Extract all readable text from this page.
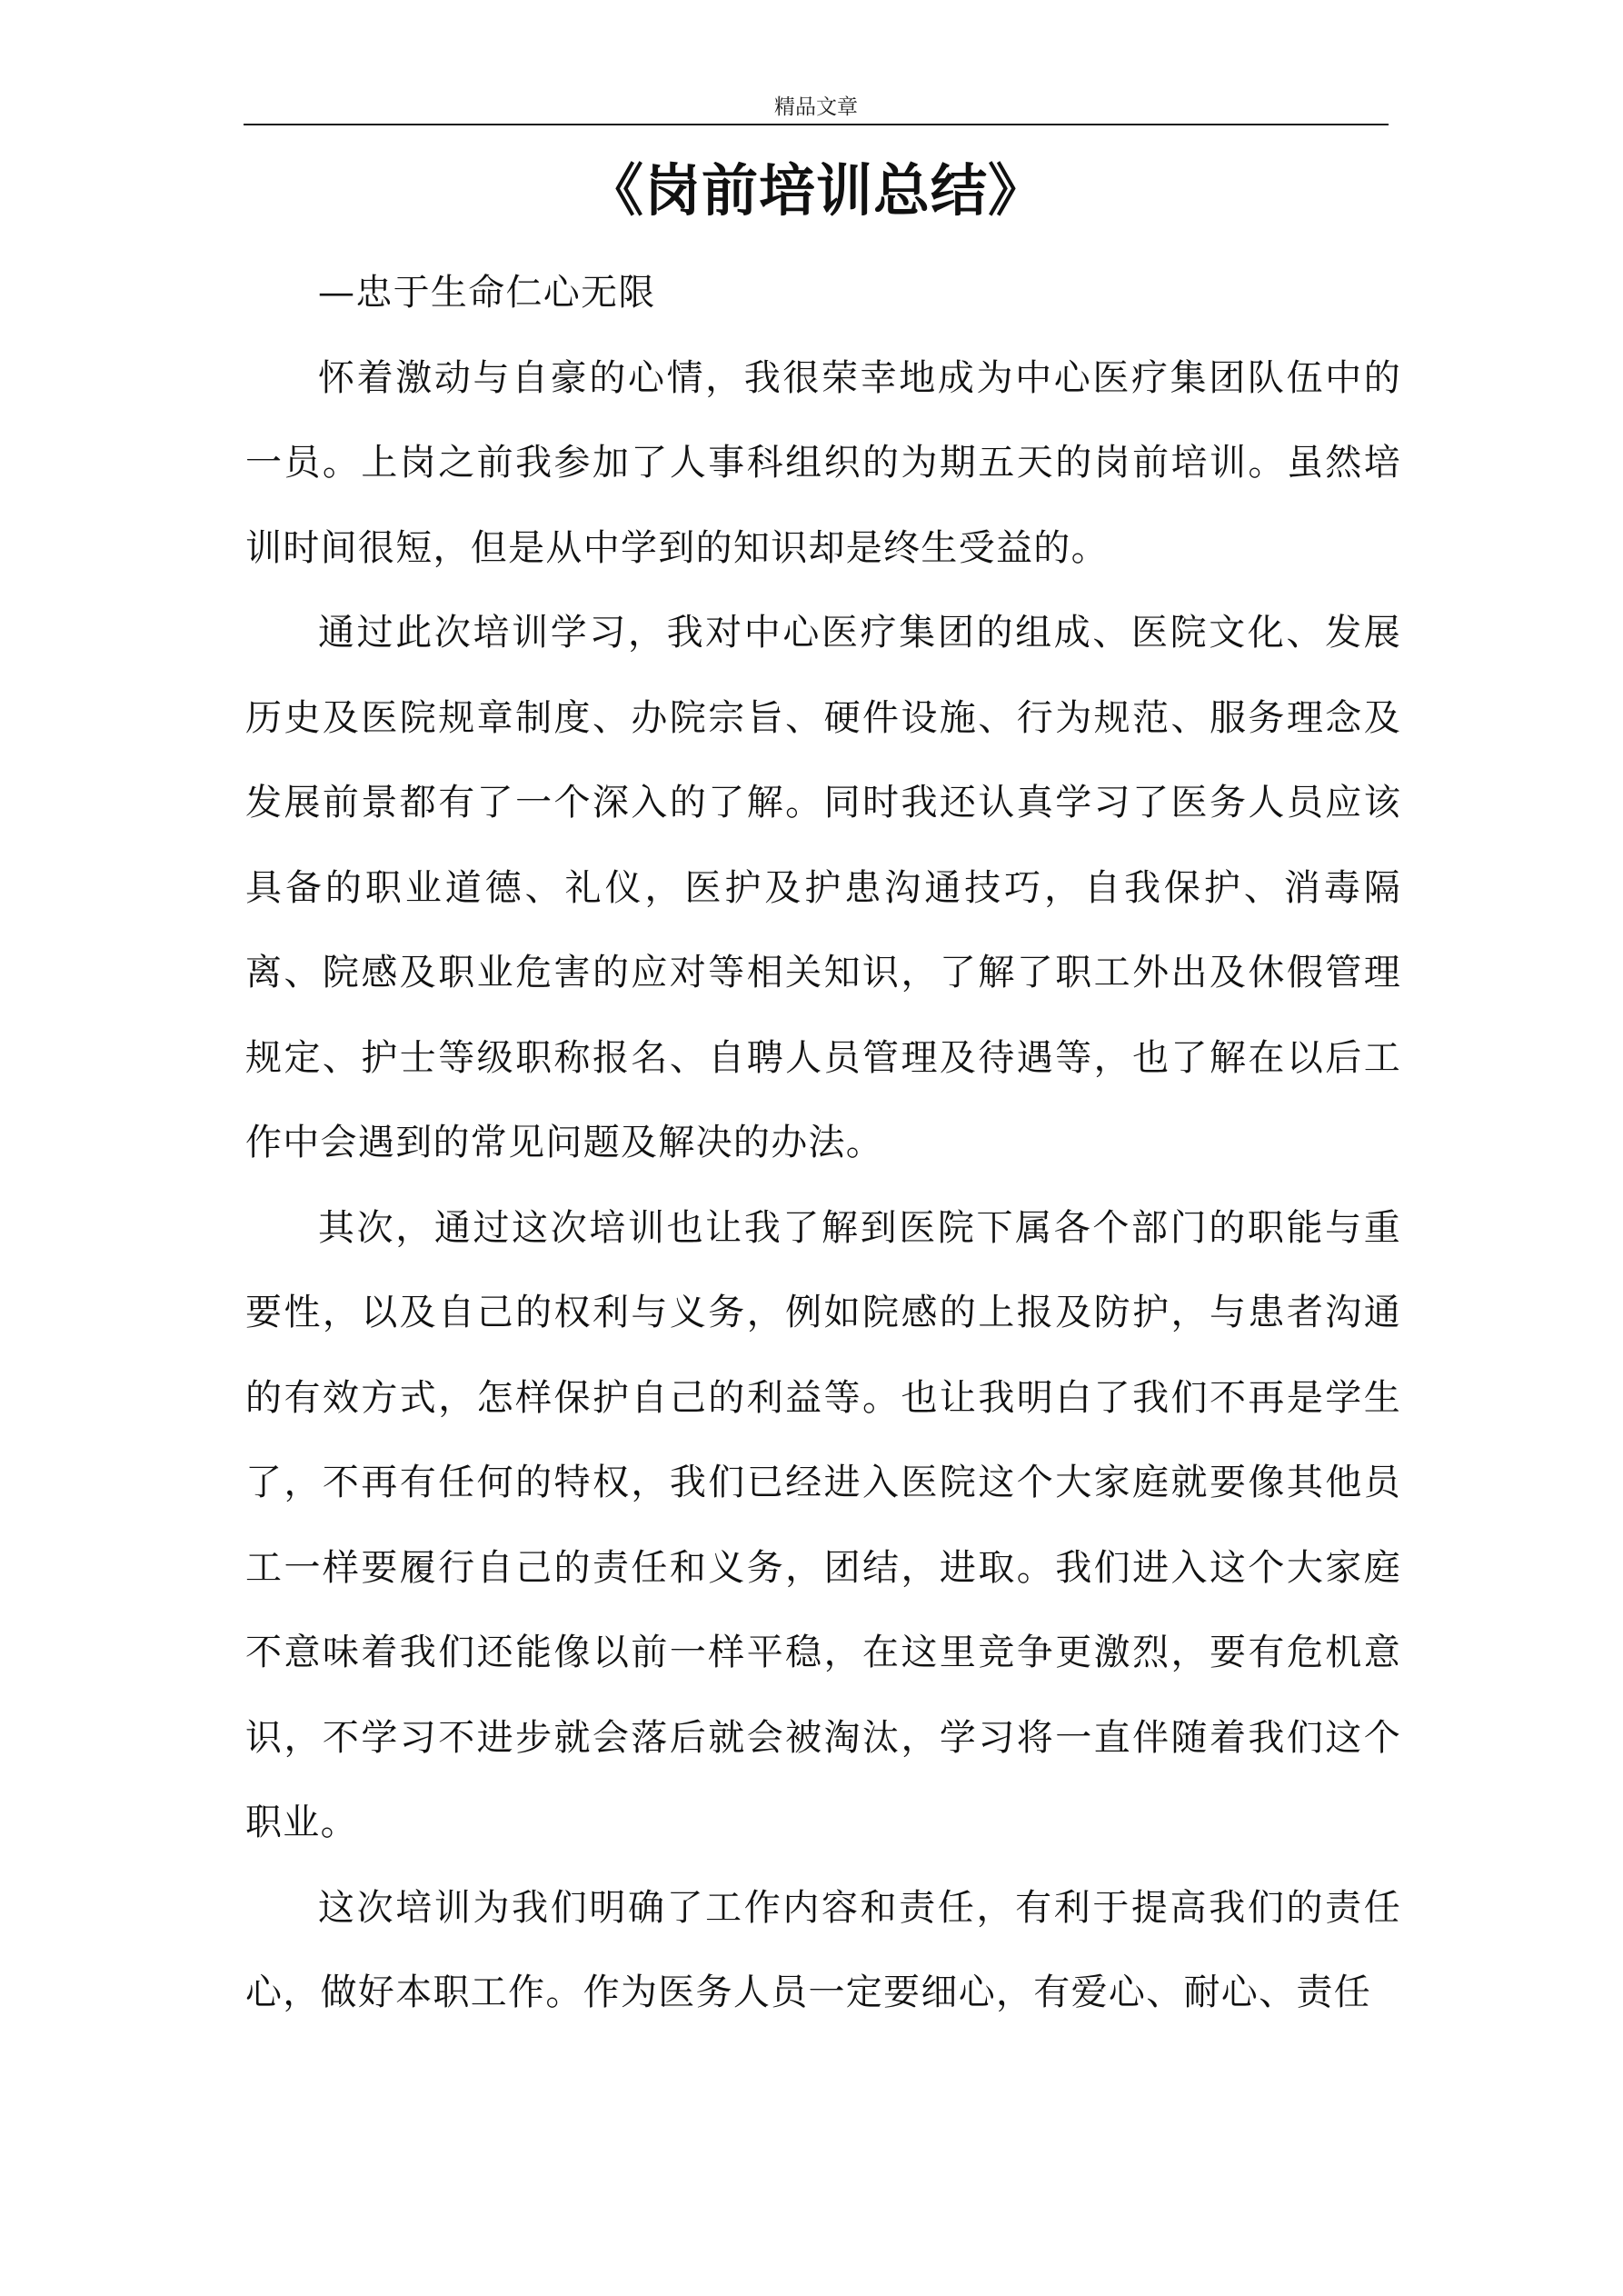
精品文章
《岗前培训总结》

—忠于生命仁心无限

怀着激动与自豪的心情，我很荣幸地成为中心医疗集团队伍中的一员。上岗之前我参加了人事科组织的为期五天的岗前培训。虽然培训时间很短，但是从中学到的知识却是终生受益的。

通过此次培训学习，我对中心医疗集团的组成、医院文化、发展历史及医院规章制度、办院宗旨、硬件设施、行为规范、服务理念及发展前景都有了一个深入的了解。同时我还认真学习了医务人员应该具备的职业道德、礼仪，医护及护患沟通技巧，自我保护、消毒隔离、院感及职业危害的应对等相关知识，了解了职工外出及休假管理规定、护士等级职称报名、自聘人员管理及待遇等，也了解在以后工作中会遇到的常见问题及解决的办法。

其次，通过这次培训也让我了解到医院下属各个部门的职能与重要性，以及自己的权利与义务，例如院感的上报及防护，与患者沟通的有效方式，怎样保护自己的利益等。也让我明白了我们不再是学生了，不再有任何的特权，我们已经进入医院这个大家庭就要像其他员工一样要履行自己的责任和义务，团结，进取。我们进入这个大家庭不意味着我们还能像以前一样平稳，在这里竞争更激烈，要有危机意识，不学习不进步就会落后就会被淘汰，学习将一直伴随着我们这个职业。

这次培训为我们明确了工作内容和责任，有利于提高我们的责任心，做好本职工作。作为医务人员一定要细心，有爱心、耐心、责任
